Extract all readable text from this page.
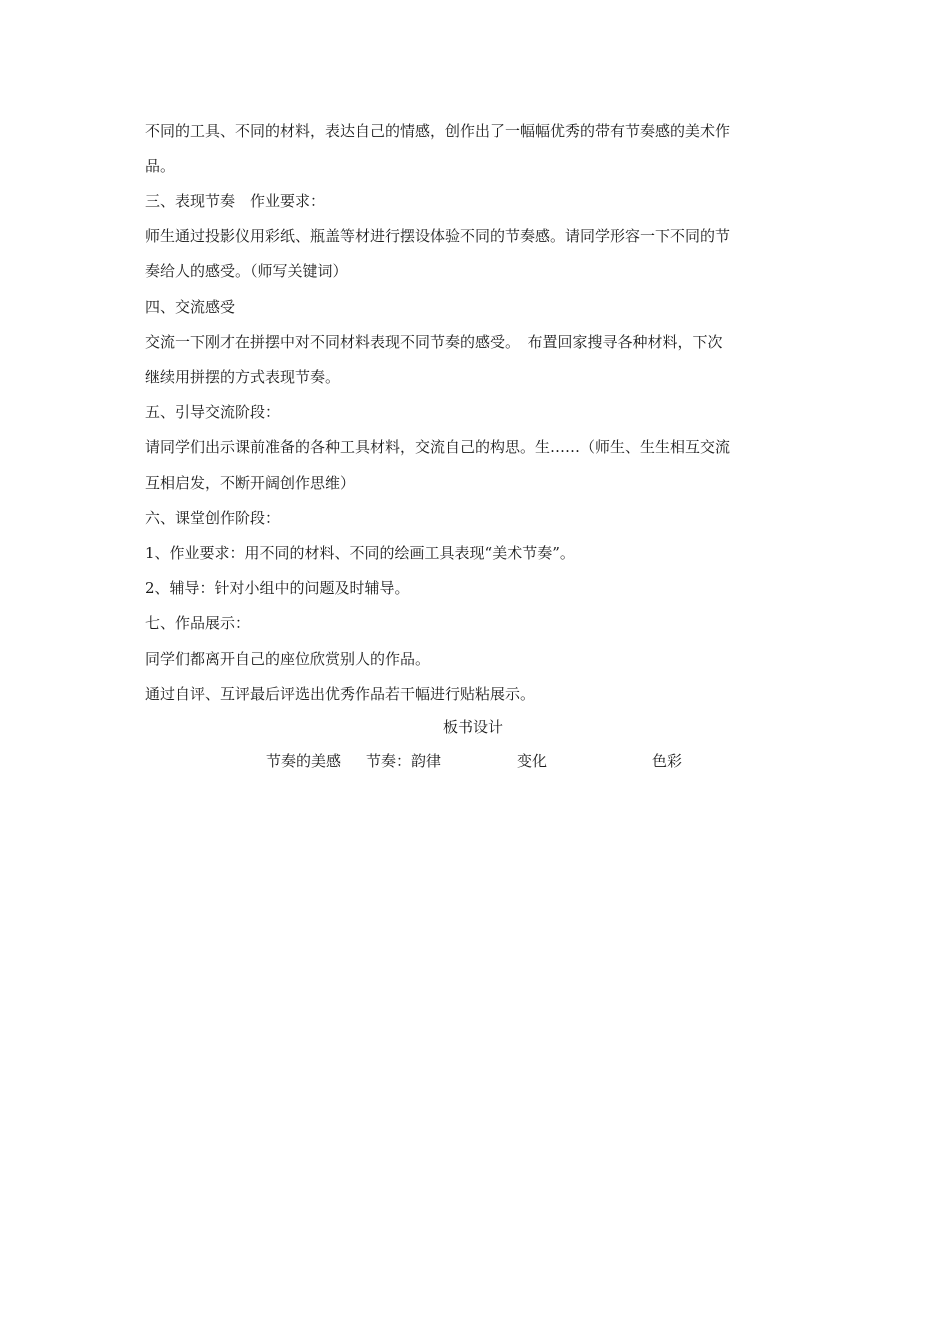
不同的工具、不同的材料，表达自己的情感，创作出了一幅幅优秀的带有节奏感的美术作
品。
三、表现节奏　作业要求：
师生通过投影仪用彩纸、瓶盖等材进行摆设体验不同的节奏感。请同学形容一下不同的节
奏给人的感受。（师写关键词）
四、交流感受
交流一下刚才在拼摆中对不同材料表现不同节奏的感受。　布置回家搜寻各种材料，下次
继续用拼摆的方式表现节奏。
五、引导交流阶段：
请同学们出示课前准备的各种工具材料，交流自己的构思。生……（师生、生生相互交流
互相启发，不断开阔创作思维）
六、课堂创作阶段：
1、作业要求：用不同的材料、不同的绘画工具表现“美术节奏”。
2、辅导：针对小组中的问题及时辅导。
七、作品展示：
同学们都离开自己的座位欣赏别人的作品。
通过自评、互评最后评选出优秀作品若干幅进行贴粘展示。
板书设计
节奏的美感 节奏：韵律	变化	色彩
